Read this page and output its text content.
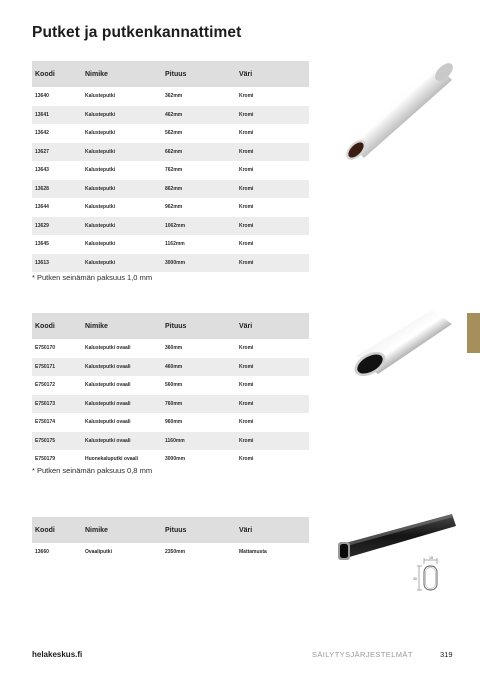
Putket ja putkenkannattimet
Koodi	Nimike	Pituus	Väri
13640	Kalusteputki	362mm	Kromi
13641	Kalusteputki	462mm	Kromi
13642	Kalusteputki	562mm	Kromi
13627	Kalusteputki	662mm	Kromi
13643	Kalusteputki	762mm	Kromi
13628	Kalusteputki	862mm	Kromi
13644	Kalusteputki	962mm	Kromi
13629	Kalusteputki	1062mm	Kromi
13645	Kalusteputki	1162mm	Kromi
13613	Kalusteputki	3000mm	Kromi
* Putken seinämän paksuus 1,0 mm
Koodi	Nimike	Pituus	Väri
E750170	Kalusteputki ovaali	360mm	Kromi
E750171	Kalusteputki ovaali	460mm	Kromi
E750172	Kalusteputki ovaali	560mm	Kromi
E750173	Kalusteputki ovaali	760mm	Kromi
E750174	Kalusteputki ovaali	960mm	Kromi
E750175	Kalusteputki ovaali	1160mm	Kromi
E750179	Huonekaluputki ovaali	3000mm	Kromi
* Putken seinämän paksuus 0,8 mm
Koodi	Nimike	Pituus	Väri
13660	Ovaaliputki	2350mm	Mattamusta
15
30
helakeskus.fi	SÄILYTYSJÄRJESTELMÄT	319
